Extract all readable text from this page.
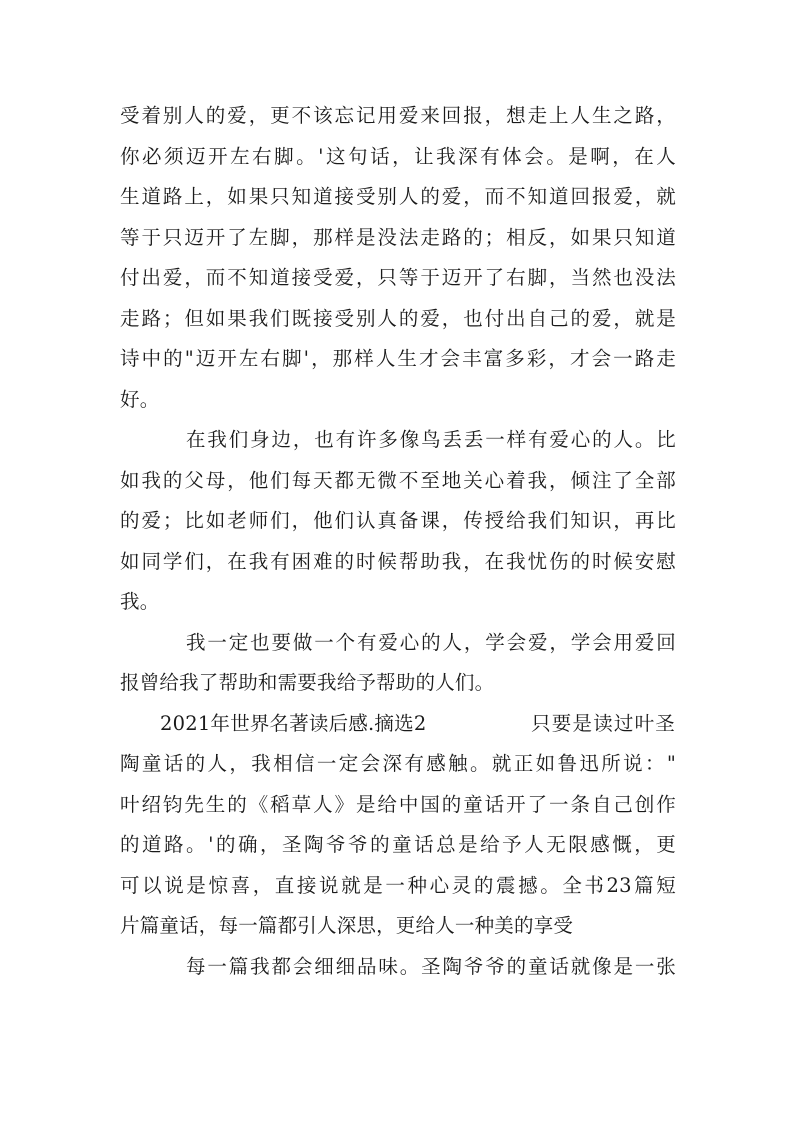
受着别人的爱，更不该忘记用爱来回报，想走上人生之路，
你必须迈开左右脚。'这句话，让我深有体会。是啊，在人
生道路上，如果只知道接受别人的爱，而不知道回报爱，就
等于只迈开了左脚，那样是没法走路的；相反，如果只知道
付出爱，而不知道接受爱，只等于迈开了右脚，当然也没法
走路；但如果我们既接受别人的爱，也付出自己的爱，就是
诗中的"迈开左右脚'，那样人生才会丰富多彩，才会一路走
好。
在我们身边，也有许多像鸟丢丢一样有爱心的人。比
如我的父母，他们每天都无微不至地关心着我，倾注了全部
的爱；比如老师们，他们认真备课，传授给我们知识，再比
如同学们，在我有困难的时候帮助我，在我忧伤的时候安慰
我。
我一定也要做一个有爱心的人，学会爱，学会用爱回
报曾给我了帮助和需要我给予帮助的人们。
2021年世界名著读后感.摘选2	只要是读过叶圣
陶童话的人，我相信一定会深有感触。就正如鲁迅所说："
叶绍钧先生的《稻草人》是给中国的童话开了一条自己创作
的道路。'的确，圣陶爷爷的童话总是给予人无限感慨，更
可以说是惊喜，直接说就是一种心灵的震撼。全书23篇短
片篇童话，每一篇都引人深思，更给人一种美的享受
每一篇我都会细细品味。圣陶爷爷的童话就像是一张
